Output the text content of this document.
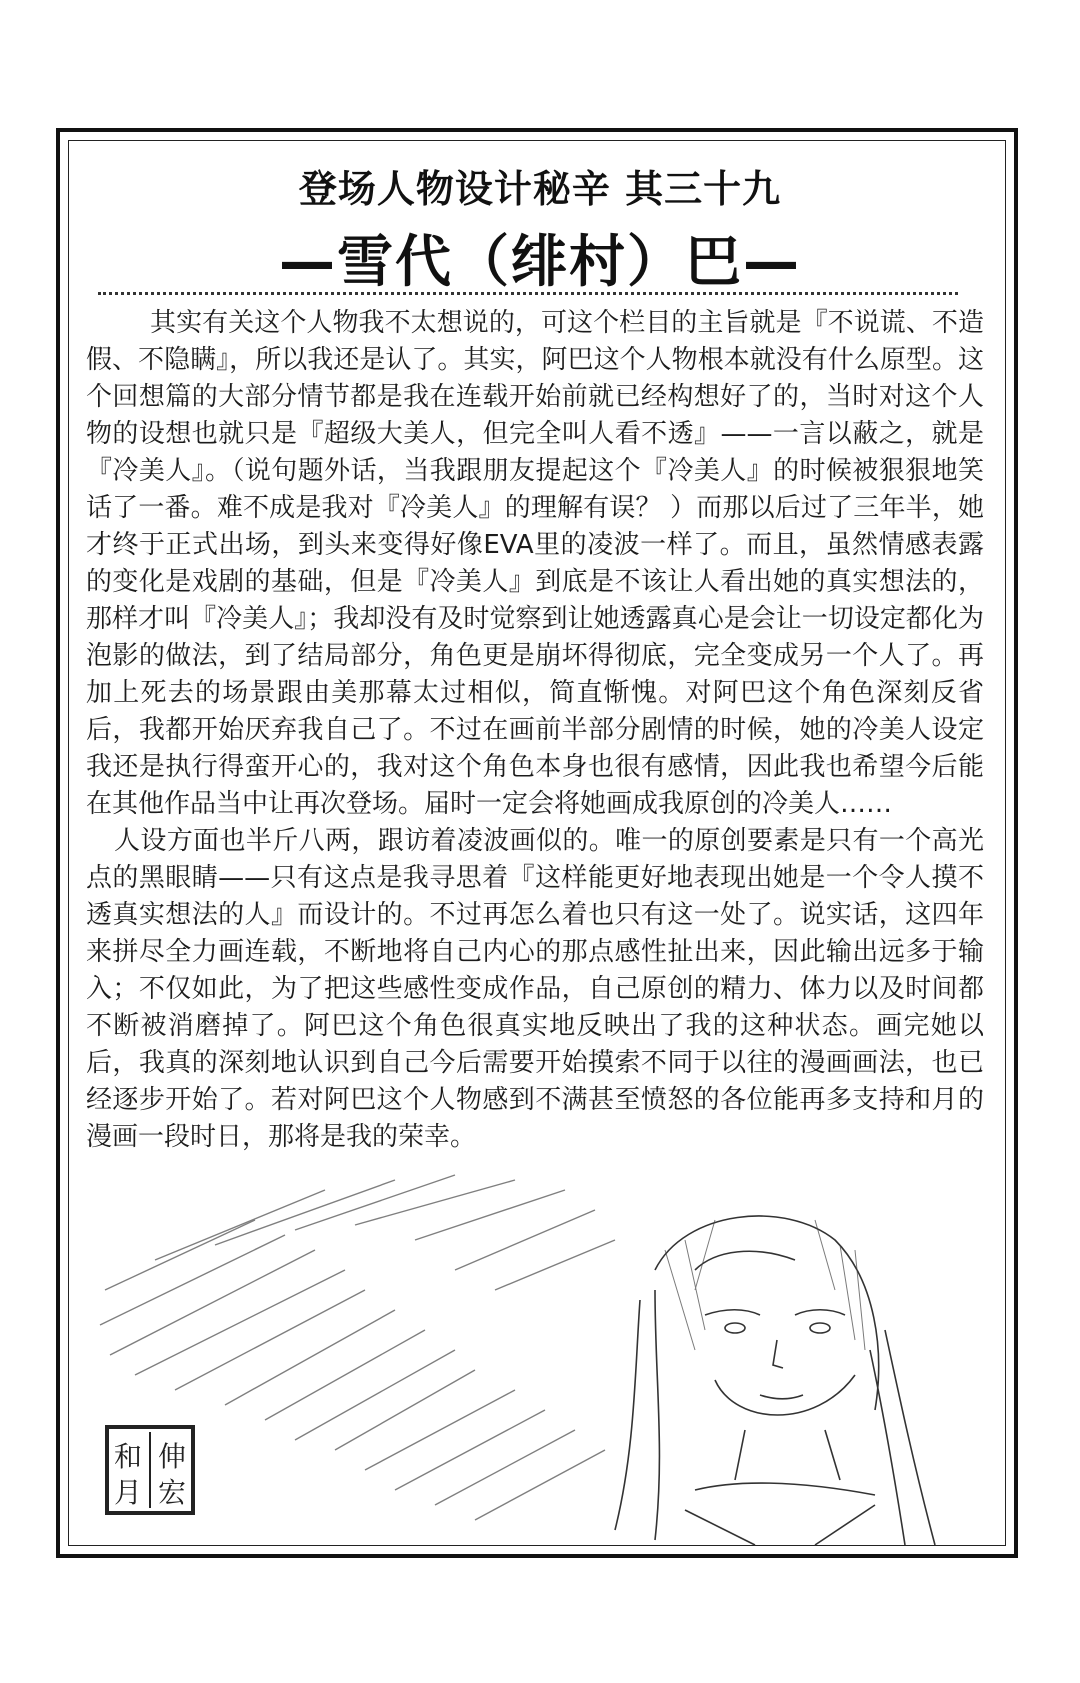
登场人物设计秘辛 其三十九
—雪代（绯村）巴—

其实有关这个人物我不太想说的，可这个栏目的主旨就是『不说谎、不造假、不隐瞒』，所以我还是认了。其实，阿巴这个人物根本就没有什么原型。这个回想篇的大部分情节都是我在连载开始前就已经构想好了的，当时对这个人物的设想也就只是『超级大美人，但完全叫人看不透』——一言以蔽之，就是『冷美人』。（说句题外话，当我跟朋友提起这个『冷美人』的时候被狠狠地笑话了一番。难不成是我对『冷美人』的理解有误？ ）而那以后过了三年半，她才终于正式出场，到头来变得好像EVA里的凌波一样了。而且，虽然情感表露的变化是戏剧的基础，但是『冷美人』到底是不该让人看出她的真实想法的，那样才叫『冷美人』；我却没有及时觉察到让她透露真心是会让一切设定都化为泡影的做法，到了结局部分，角色更是崩坏得彻底，完全变成另一个人了。再加上死去的场景跟由美那幕太过相似，简直惭愧。对阿巴这个角色深刻反省后，我都开始厌弃我自己了。不过在画前半部分剧情的时候，她的冷美人设定我还是执行得蛮开心的，我对这个角色本身也很有感情，因此我也希望今后能在其他作品当中让再次登场。届时一定会将她画成我原创的冷美人……

人设方面也半斤八两，跟访着凌波画似的。唯一的原创要素是只有一个高光点的黑眼睛——只有这点是我寻思着『这样能更好地表现出她是一个令人摸不透真实想法的人』而设计的。不过再怎么着也只有这一处了。说实话，这四年来拼尽全力画连载，不断地将自己内心的那点感性扯出来，因此输出远多于输入；不仅如此，为了把这些感性变成作品，自己原创的精力、体力以及时间都不断被消磨掉了。阿巴这个角色很真实地反映出了我的这种状态。画完她以后，我真的深刻地认识到自己今后需要开始摸索不同于以往的漫画画法，也已经逐步开始了。若对阿巴这个人物感到不满甚至愤怒的各位能再多支持和月的漫画一段时日，那将是我的荣幸。

和
月
伸
宏
